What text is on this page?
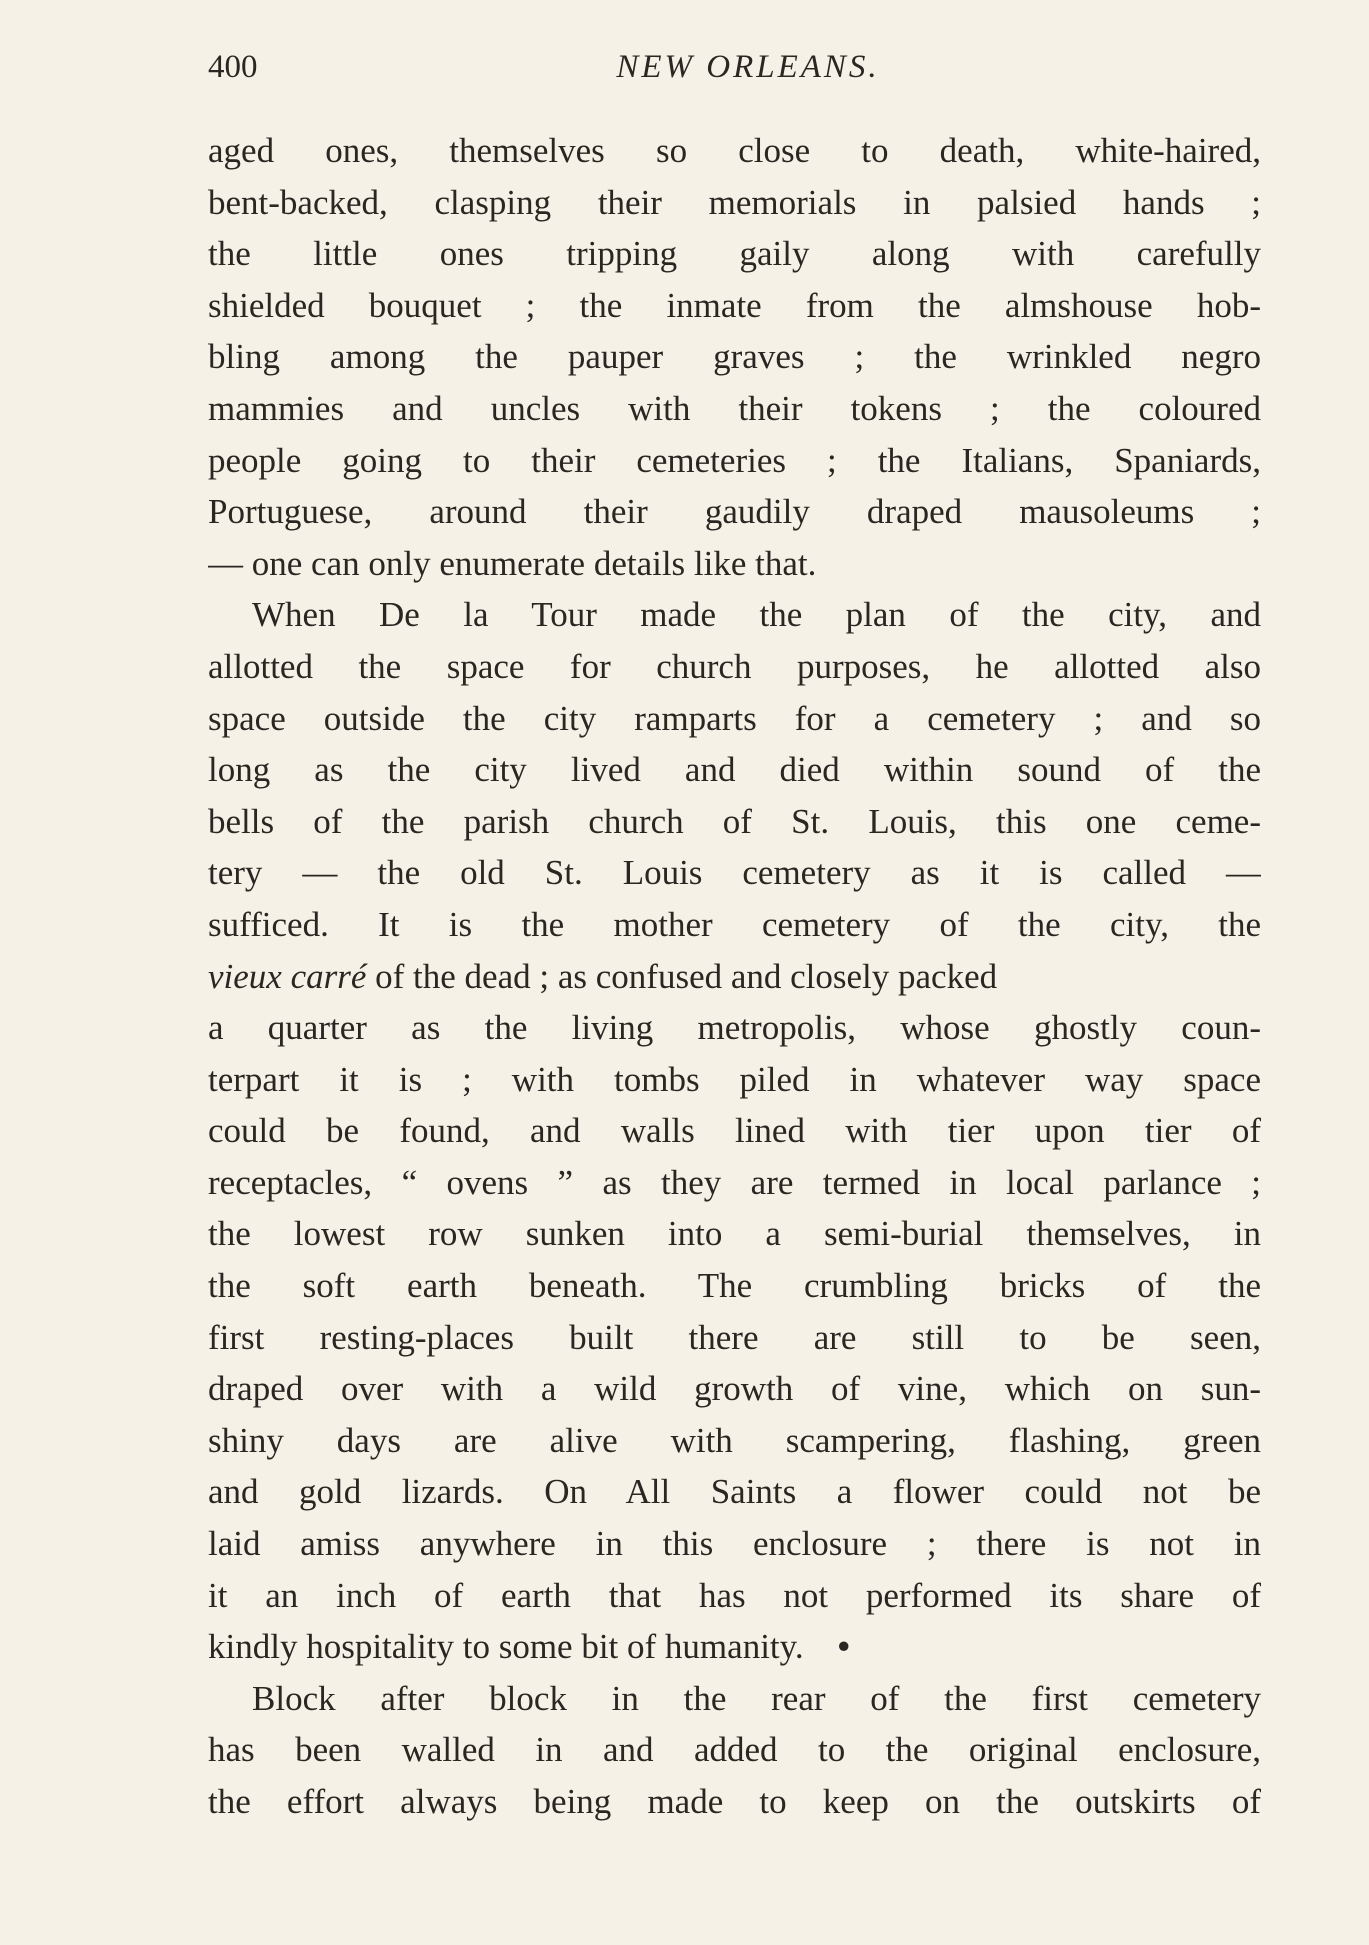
400	NEW ORLEANS.
aged ones, themselves so close to death, white-haired,
bent-backed, clasping their memorials in palsied hands ;
the little ones tripping gaily along with carefully
shielded bouquet ; the inmate from the almshouse hob-
bling among the pauper graves ; the wrinkled negro
mammies and uncles with their tokens ; the coloured
people going to their cemeteries ; the Italians, Spaniards,
Portuguese, around their gaudily draped mausoleums ;
— one can only enumerate details like that.
When De la Tour made the plan of the city, and
allotted the space for church purposes, he allotted also
space outside the city ramparts for a cemetery ; and so
long as the city lived and died within sound of the
bells of the parish church of St. Louis, this one ceme-
tery — the old St. Louis cemetery as it is called —
sufficed. It is the mother cemetery of the city, the
vieux carré of the dead ; as confused and closely packed
a quarter as the living metropolis, whose ghostly coun-
terpart it is ; with tombs piled in whatever way space
could be found, and walls lined with tier upon tier of
receptacles, “ ovens ” as they are termed in local parlance ;
the lowest row sunken into a semi-burial themselves, in
the soft earth beneath. The crumbling bricks of the
first resting-places built there are still to be seen,
draped over with a wild growth of vine, which on sun-
shiny days are alive with scampering, flashing, green
and gold lizards. On All Saints a flower could not be
laid amiss anywhere in this enclosure ; there is not in
it an inch of earth that has not performed its share of
kindly hospitality to some bit of humanity. •
Block after block in the rear of the first cemetery
has been walled in and added to the original enclosure,
the effort always being made to keep on the outskirts of
